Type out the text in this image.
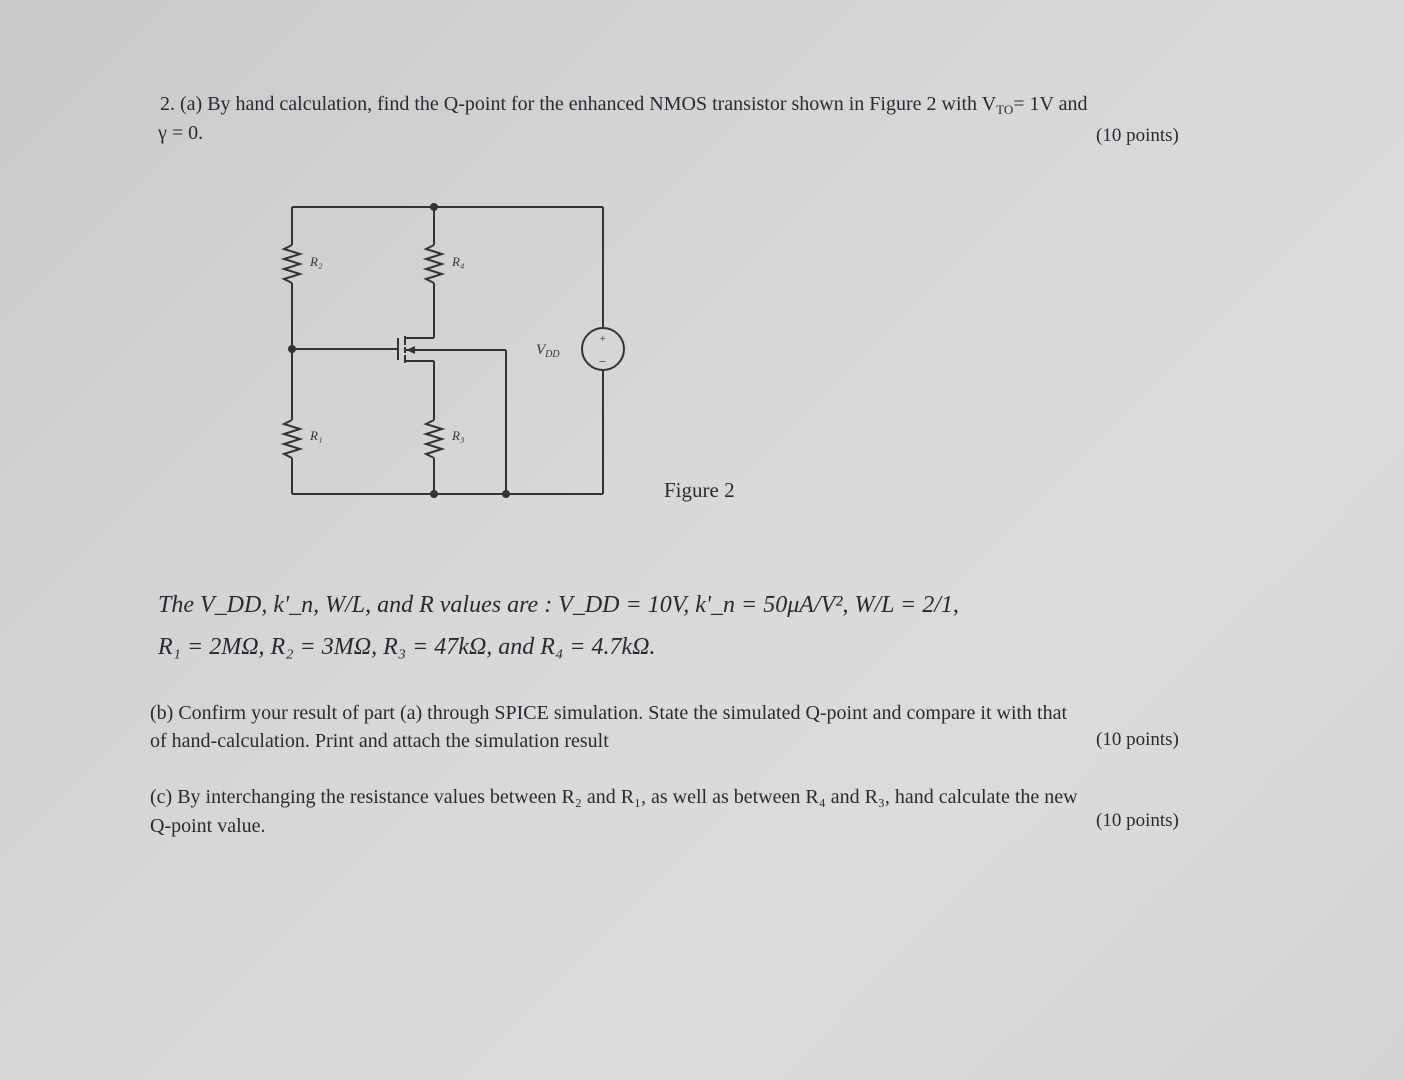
2. (a) By hand calculation, find the Q-point for the enhanced NMOS transistor shown in Figure 2 with $V_{TO}= 1V$ and
γ = 0.	(10 points)
R₂	R₄
R₁	R₃
$V_{DD}$
+
−
Figure 2
The V_DD, k'_n, W/L, and R values are : V_DD = 10V, k'_n = 50μA/V², W/L = 2/1,
R₁ = 2MΩ, R₂ = 3MΩ, R₃ = 47kΩ, and R₄ = 4.7kΩ.
(b) Confirm your result of part (a) through SPICE simulation. State the simulated Q-point and compare it with that
of hand-calculation. Print and attach the simulation result	(10 points)
(c) By interchanging the resistance values between R₂ and R₁, as well as between R₄ and R₃, hand calculate the new
Q-point value.	(10 points)
